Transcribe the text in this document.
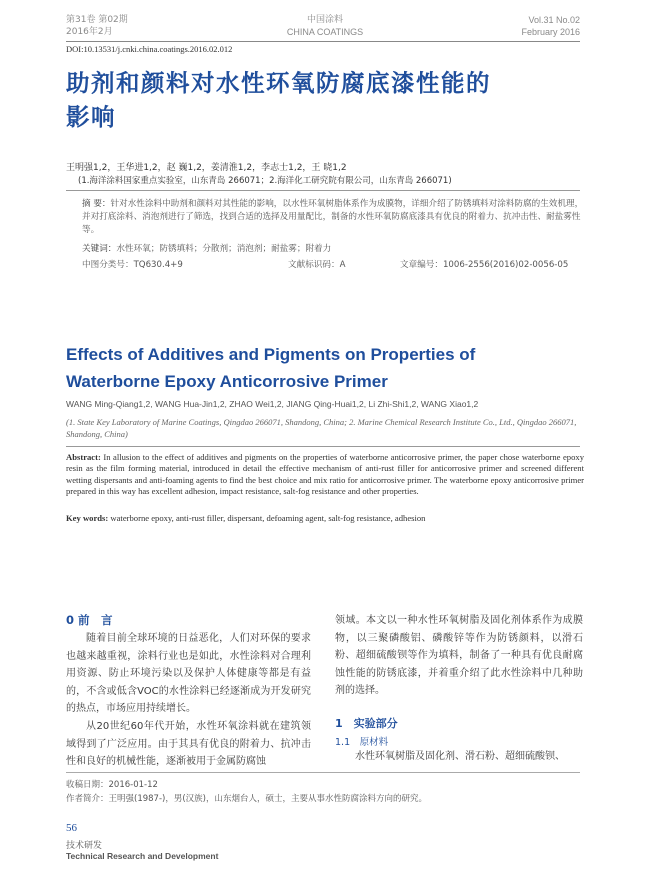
第31卷 第02期
2016年2月
中国涂料
CHINA COATINGS
Vol.31 No.02
February 2016
DOI:10.13531/j.cnki.china.coatings.2016.02.012
助剂和颜料对水性环氧防腐底漆性能的
影响
王明强1,2，王华进1,2，赵 巍1,2，姜清淮1,2，李志士1,2，王 晓1,2
(1.海洋涂料国家重点实验室，山东青岛 266071；2.海洋化工研究院有限公司，山东青岛 266071)
摘 要：针对水性涂料中助剂和颜料对其性能的影响，以水性环氧树脂体系作为成膜物，详细介绍了防锈填料对涂料防腐的生效机理，并对打底涂料、消泡剂进行了筛选，找到合适的选择及用量配比，制备的水性环氧防腐底漆具有优良的附着力、抗冲击性、耐盐雾性等。
关键词：水性环氧；防锈填料；分散剂；消泡剂；耐盐雾；附着力
中图分类号：TQ630.4+9	文献标识码：A	文章编号：1006-2556(2016)02-0056-05
Effects of Additives and Pigments on Properties of
Waterborne Epoxy Anticorrosive Primer
WANG Ming-Qiang1,2, WANG Hua-Jin1,2, ZHAO Wei1,2, JIANG Qing-Huai1,2, Li Zhi-Shi1,2, WANG Xiao1,2
(1. State Key Laboratory of Marine Coatings, Qingdao 266071, Shandong, China; 2. Marine Chemical Research Institute Co., Ltd., Qingdao 266071, Shandong, China)
Abstract: In allusion to the effect of additives and pigments on the properties of waterborne anticorrosive primer, the paper chose waterborne epoxy resin as the film forming material, introduced in detail the effective mechanism of anti-rust filler for anticorrosive primer and screened different wetting dispersants and anti-foaming agents to find the best choice and mix ratio for anticorrosive primer. The waterborne epoxy anticorrosive primer prepared in this way has excellent adhesion, impact resistance, salt-fog resistance and other properties.
Key words: waterborne epoxy, anti-rust filler, dispersant, defoaming agent, salt-fog resistance, adhesion
0 前　言
随着目前全球环境的日益恶化，人们对环保的要求也越来越重视，涂料行业也是如此，水性涂料对合理利用资源、防止环境污染以及保护人体健康等都是有益的，不含或低含VOC的水性涂料已经逐渐成为开发研究的热点，市场应用持续增长。
从20世纪60年代开始，水性环氧涂料就在建筑领域得到了广泛应用。由于其具有优良的附着力、抗冲击性和良好的机械性能，逐渐被用于金属防腐蚀
领域。本文以一种水性环氧树脂及固化剂体系作为成膜物，以三聚磷酸铝、磷酸锌等作为防锈颜料，以滑石粉、超细硫酸钡等作为填料，制备了一种具有优良耐腐蚀性能的防锈底漆，并着重介绍了此水性涂料中几种助剂的选择。
1　实验部分
1.1　原材料
水性环氧树脂及固化剂、滑石粉、超细硫酸钡、
收稿日期：2016-01-12
作者简介：王明强(1987-)，男(汉族)，山东烟台人，硕士，主要从事水性防腐涂料方向的研究。
56
技术研发
Technical Research and Development
